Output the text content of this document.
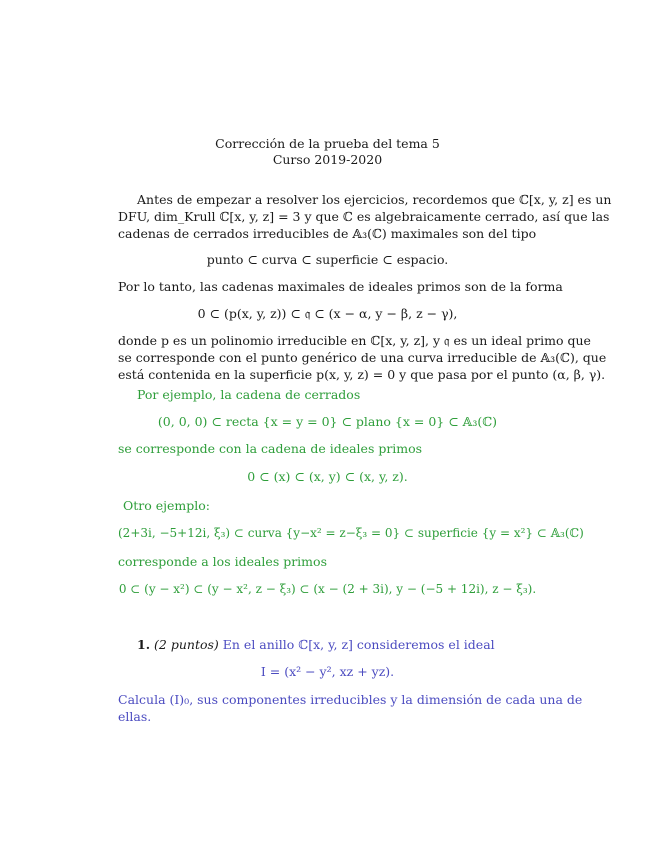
Corrección de la prueba del tema 5
Curso 2019-2020
Antes de empezar a resolver los ejercicios, recordemos que ℂ[x, y, z] es un
DFU, dim_Krull ℂ[x, y, z] = 3 y que ℂ es algebraicamente cerrado, así que las
cadenas de cerrados irreducibles de 𝔸₃(ℂ) maximales son del tipo
punto ⊂ curva ⊂ superficie ⊂ espacio.
Por lo tanto, las cadenas maximales de ideales primos son de la forma
0 ⊂ (p(x, y, z)) ⊂ 𝔮 ⊂ (x − α, y − β, z − γ),
donde p es un polinomio irreducible en ℂ[x, y, z], y 𝔮 es un ideal primo que
se corresponde con el punto genérico de una curva irreducible de 𝔸₃(ℂ), que
está contenida en la superficie p(x, y, z) = 0 y que pasa por el punto (α, β, γ).
Por ejemplo, la cadena de cerrados
(0, 0, 0) ⊂ recta {x = y = 0} ⊂ plano {x = 0} ⊂ 𝔸₃(ℂ)
se corresponde con la cadena de ideales primos
0 ⊂ (x) ⊂ (x, y) ⊂ (x, y, z).
Otro ejemplo:
(2+3i, −5+12i, ξ₃) ⊂ curva {y−x² = z−ξ₃ = 0} ⊂ superficie {y = x²} ⊂ 𝔸₃(ℂ)
corresponde a los ideales primos
0 ⊂ (y − x²) ⊂ (y − x², z − ξ₃) ⊂ (x − (2 + 3i), y − (−5 + 12i), z − ξ₃).
1. (2 puntos) En el anillo ℂ[x, y, z] consideremos el ideal
I = (x² − y², xz + yz).
Calcula (I)₀, sus componentes irreducibles y la dimensión de cada una de
ellas.
